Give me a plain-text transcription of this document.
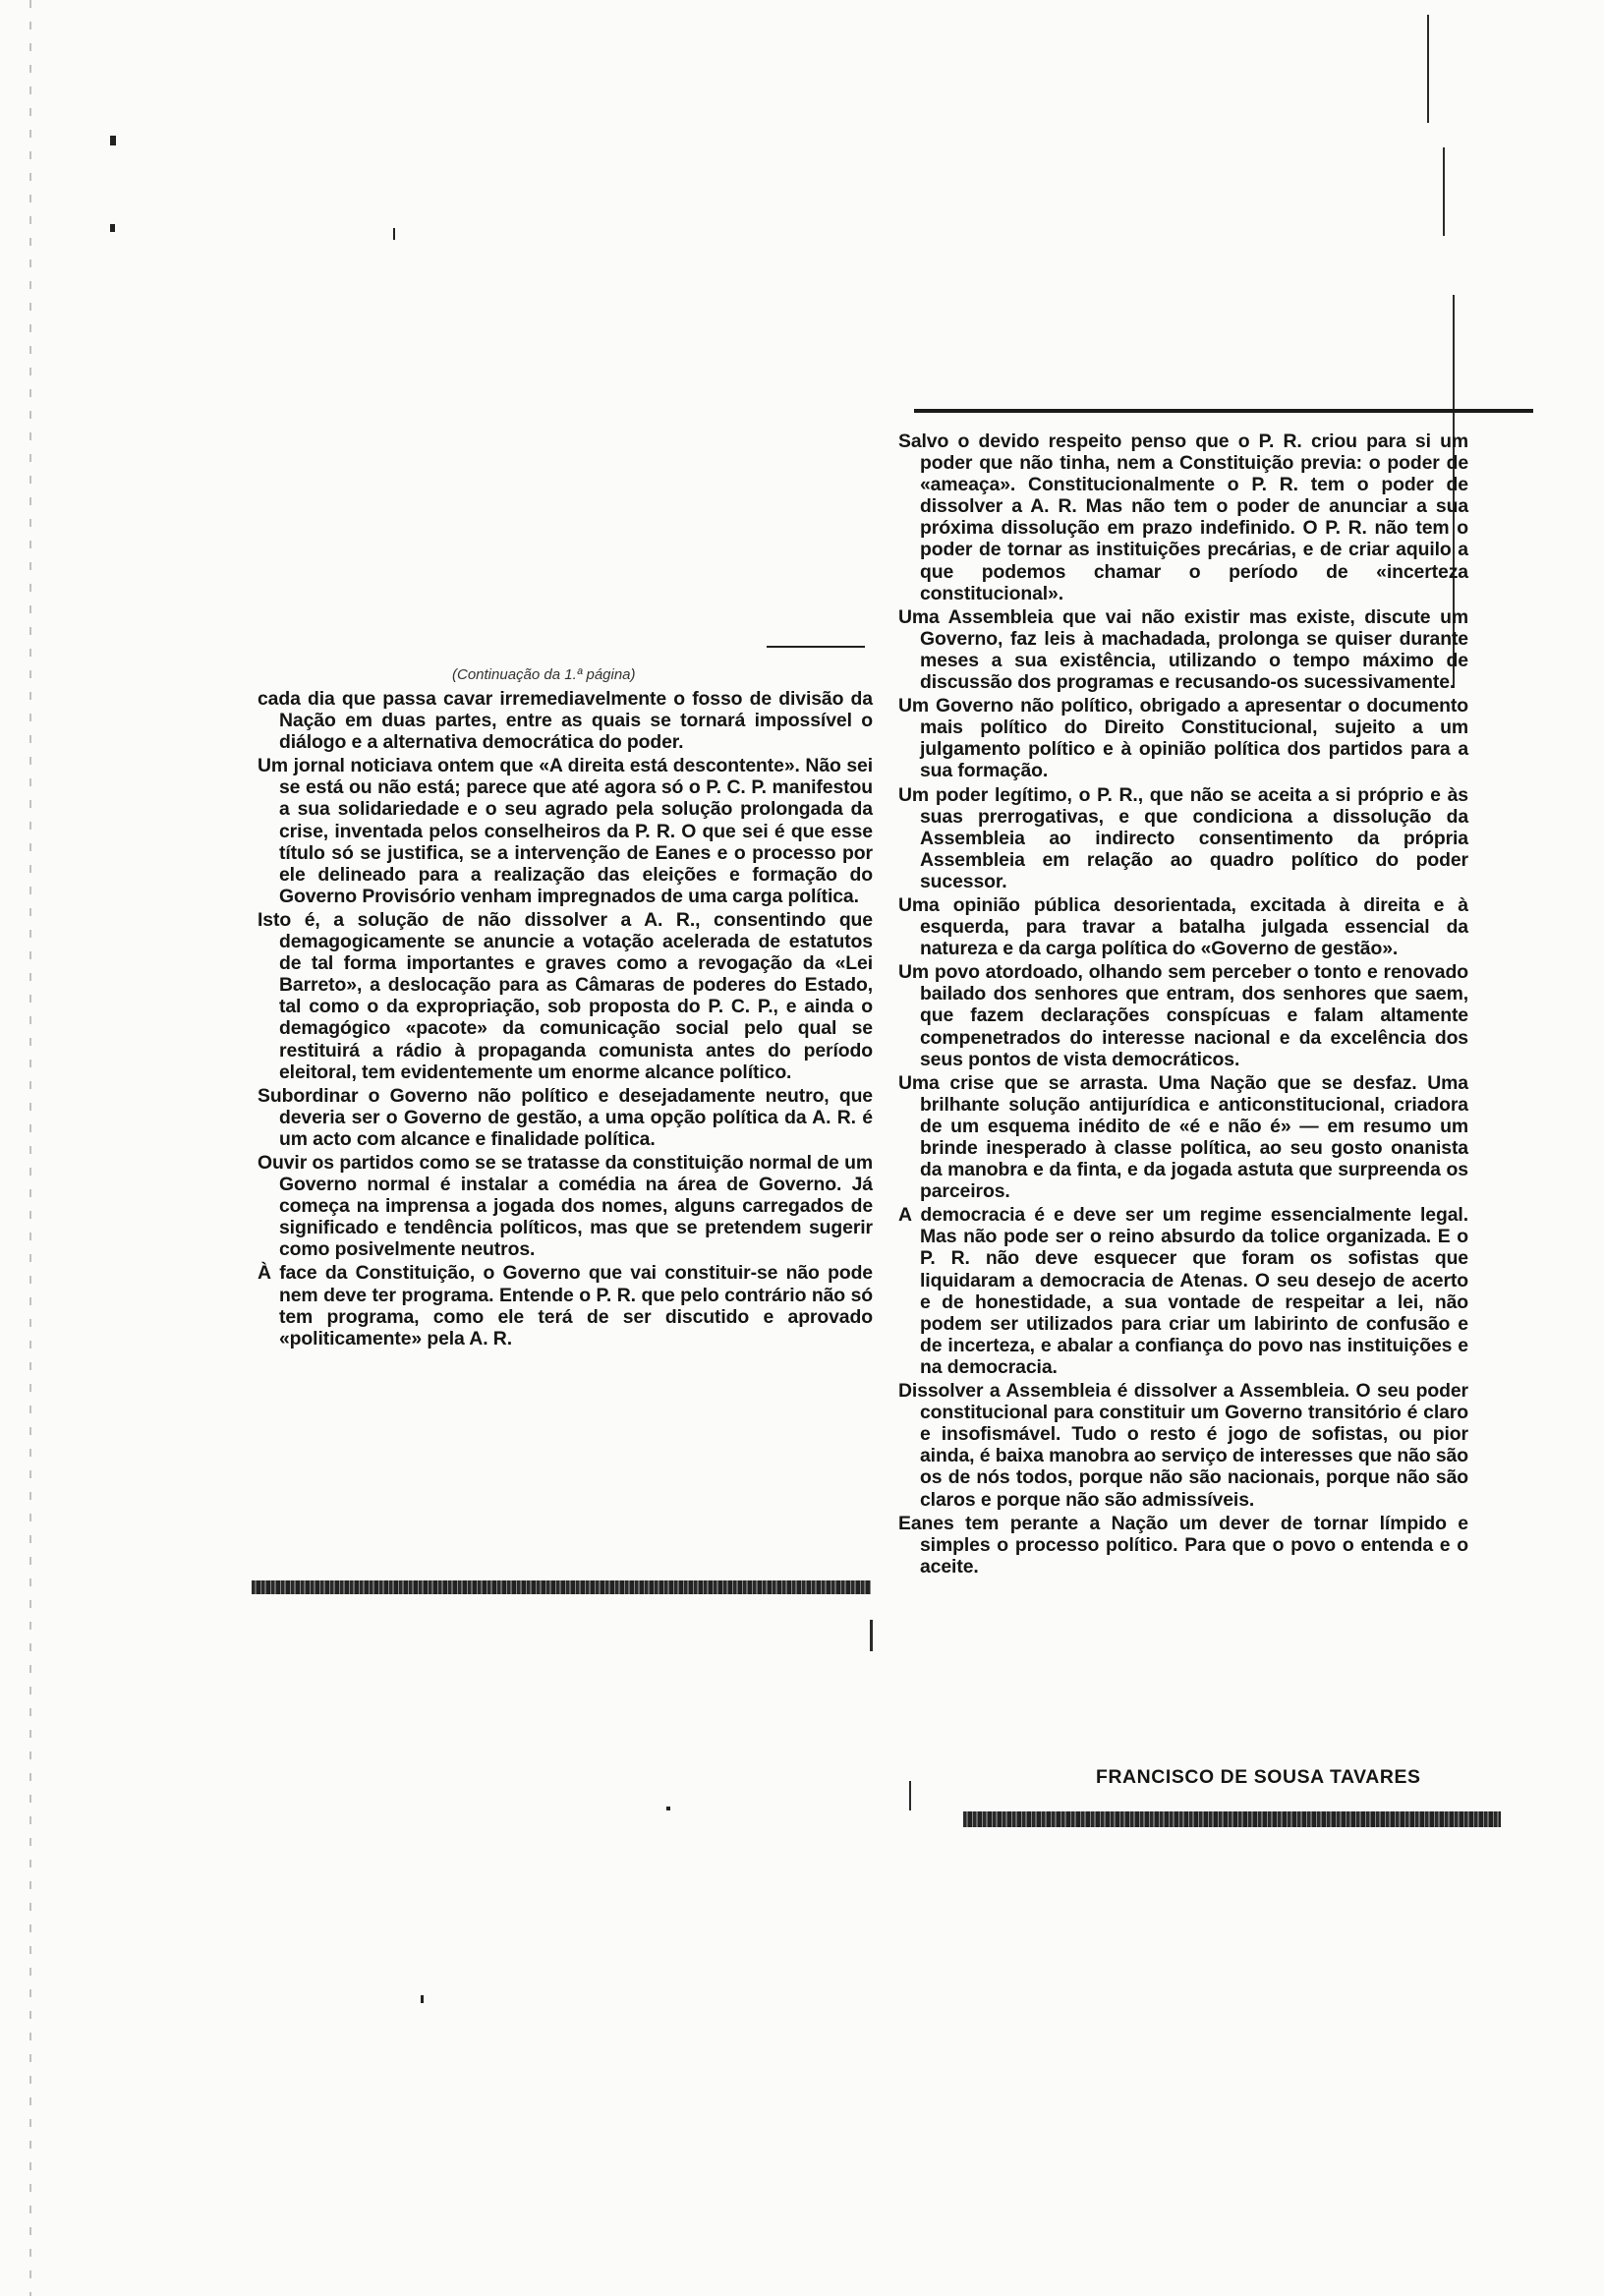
(Continuação da 1.ª página)

cada dia que passa cavar irremediavelmente o fosso de divisão da Nação em duas partes, entre as quais se tornará impossível o diálogo e a alternativa democrática do poder.

Um jornal noticiava ontem que «A direita está descontente». Não sei se está ou não está; parece que até agora só o P. C. P. manifestou a sua solidariedade e o seu agrado pela solução prolongada da crise, inventada pelos conselheiros da P. R. O que sei é que esse título só se justifica, se a intervenção de Eanes e o processo por ele delineado para a realização das eleições e formação do Governo Provisório venham impregnados de uma carga política.

Isto é, a solução de não dissolver a A. R., consentindo que demagogicamente se anuncie a votação acelerada de estatutos de tal forma importantes e graves como a revogação da «Lei Barreto», a deslocação para as Câmaras de poderes do Estado, tal como o da expropriação, sob proposta do P. C. P., e ainda o demagógico «pacote» da comunicação social pelo qual se restituirá a rádio à propaganda comunista antes do período eleitoral, tem evidentemente um enorme alcance político.

Subordinar o Governo não político e desejadamente neutro, que deveria ser o Governo de gestão, a uma opção política da A. R. é um acto com alcance e finalidade política.

Ouvir os partidos como se se tratasse da constituição normal de um Governo normal é instalar a comédia na área de Governo. Já começa na imprensa a jogada dos nomes, alguns carregados de significado e tendência políticos, mas que se pretendem sugerir como posivelmente neutros.

À face da Constituição, o Governo que vai constituir-se não pode nem deve ter programa. Entende o P. R. que pelo contrário não só tem programa, como ele terá de ser discutido e aprovado «politicamente» pela A. R.

Salvo o devido respeito penso que o P. R. criou para si um poder que não tinha, nem a Constituição previa: o poder de «ameaça». Constitucionalmente o P. R. tem o poder de dissolver a A. R. Mas não tem o poder de anunciar a sua próxima dissolução em prazo indefinido. O P. R. não tem o poder de tornar as instituições precárias, e de criar aquilo a que podemos chamar o período de «incerteza constitucional».

Uma Assembleia que vai não existir mas existe, discute um Governo, faz leis à machadada, prolonga se quiser durante meses a sua existência, utilizando o tempo máximo de discussão dos programas e recusando-os sucessivamente.

Um Governo não político, obrigado a apresentar o documento mais político do Direito Constitucional, sujeito a um julgamento político e à opinião política dos partidos para a sua formação.

Um poder legítimo, o P. R., que não se aceita a si próprio e às suas prerrogativas, e que condiciona a dissolução da Assembleia ao indirecto consentimento da própria Assembleia em relação ao quadro político do poder sucessor.

Uma opinião pública desorientada, excitada à direita e à esquerda, para travar a batalha julgada essencial da natureza e da carga política do «Governo de gestão».

Um povo atordoado, olhando sem perceber o tonto e renovado bailado dos senhores que entram, dos senhores que saem, que fazem declarações conspícuas e falam altamente compenetrados do interesse nacional e da excelência dos seus pontos de vista democráticos.

Uma crise que se arrasta. Uma Nação que se desfaz. Uma brilhante solução antijurídica e anticonstitucional, criadora de um esquema inédito de «é e não é» — em resumo um brinde inesperado à classe política, ao seu gosto onanista da manobra e da finta, e da jogada astuta que surpreenda os parceiros.

A democracia é e deve ser um regime essencialmente legal. Mas não pode ser o reino absurdo da tolice organizada. E o P. R. não deve esquecer que foram os sofistas que liquidaram a democracia de Atenas. O seu desejo de acerto e de honestidade, a sua vontade de respeitar a lei, não podem ser utilizados para criar um labirinto de confusão e de incerteza, e abalar a confiança do povo nas instituições e na democracia.

Dissolver a Assembleia é dissolver a Assembleia. O seu poder constitucional para constituir um Governo transitório é claro e insofismável. Tudo o resto é jogo de sofistas, ou pior ainda, é baixa manobra ao serviço de interesses que não são os de nós todos, porque não são nacionais, porque não são claros e porque não são admissíveis.

Eanes tem perante a Nação um dever de tornar límpido e simples o processo político. Para que o povo o entenda e o aceite.

FRANCISCO DE SOUSA TAVARES
